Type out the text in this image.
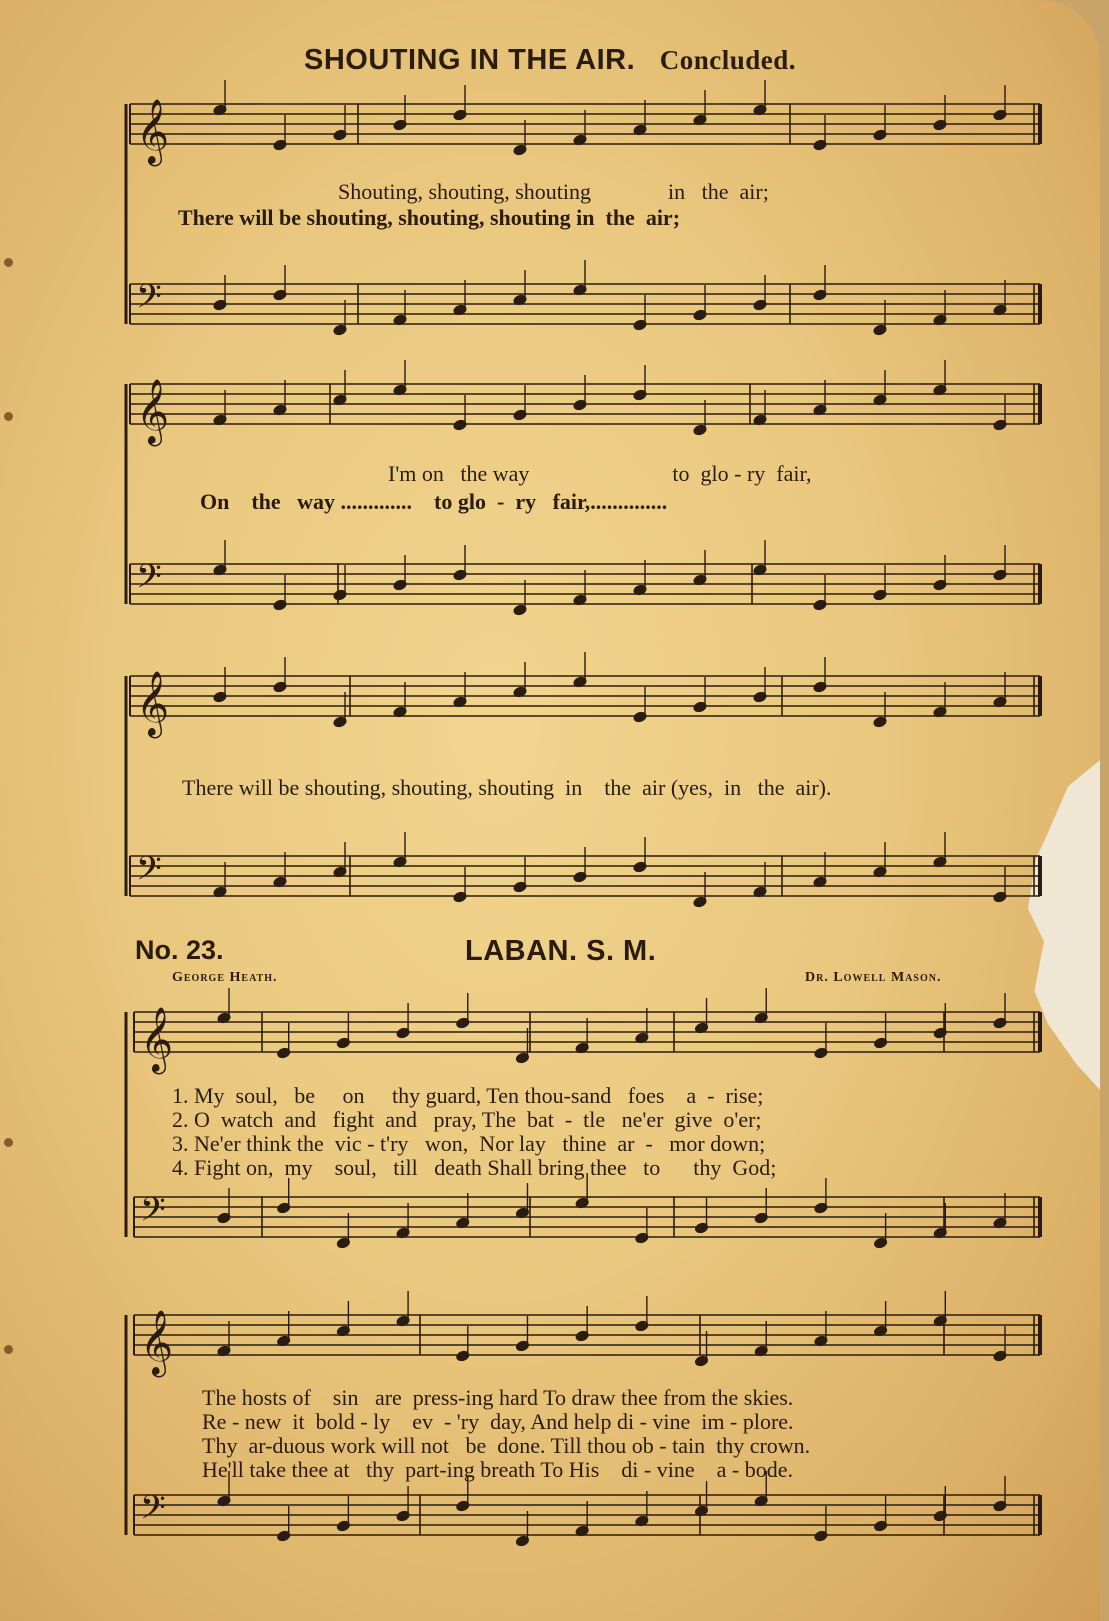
SHOUTING IN THE AIR. Concluded.
𝄞
𝄢
𝄞
𝄢
𝄞
𝄢
𝄞
𝄢
𝄞
𝄢
Shouting, shouting, shouting              in   the  air;
There will be shouting, shouting, shouting in  the  air;
I'm on   the way                          to  glo - ry  fair,
On    the   way .............    to glo  -  ry   fair,..............
There will be shouting, shouting, shouting  in    the  air (yes,  in   the  air).
No. 23.	LABAN. S. M.
George Heath.	Dr. Lowell Mason.
1. My  soul,   be     on     thy guard, Ten thou-sand   foes    a  -  rise;
2. O  watch  and   fight  and   pray, The  bat  -  tle   ne'er  give  o'er;
3. Ne'er think the  vic - t'ry   won,  Nor lay   thine  ar  -   mor down;
4. Fight on,  my    soul,   till   death Shall bring thee   to      thy  God;
The hosts of    sin   are  press-ing hard To draw thee from the skies.
Re - new  it  bold - ly    ev  - 'ry  day, And help di - vine  im - plore.
Thy  ar-duous work will not   be  done. Till thou ob - tain  thy crown.
He'll take thee at   thy  part-ing breath To His    di - vine    a - bode.
